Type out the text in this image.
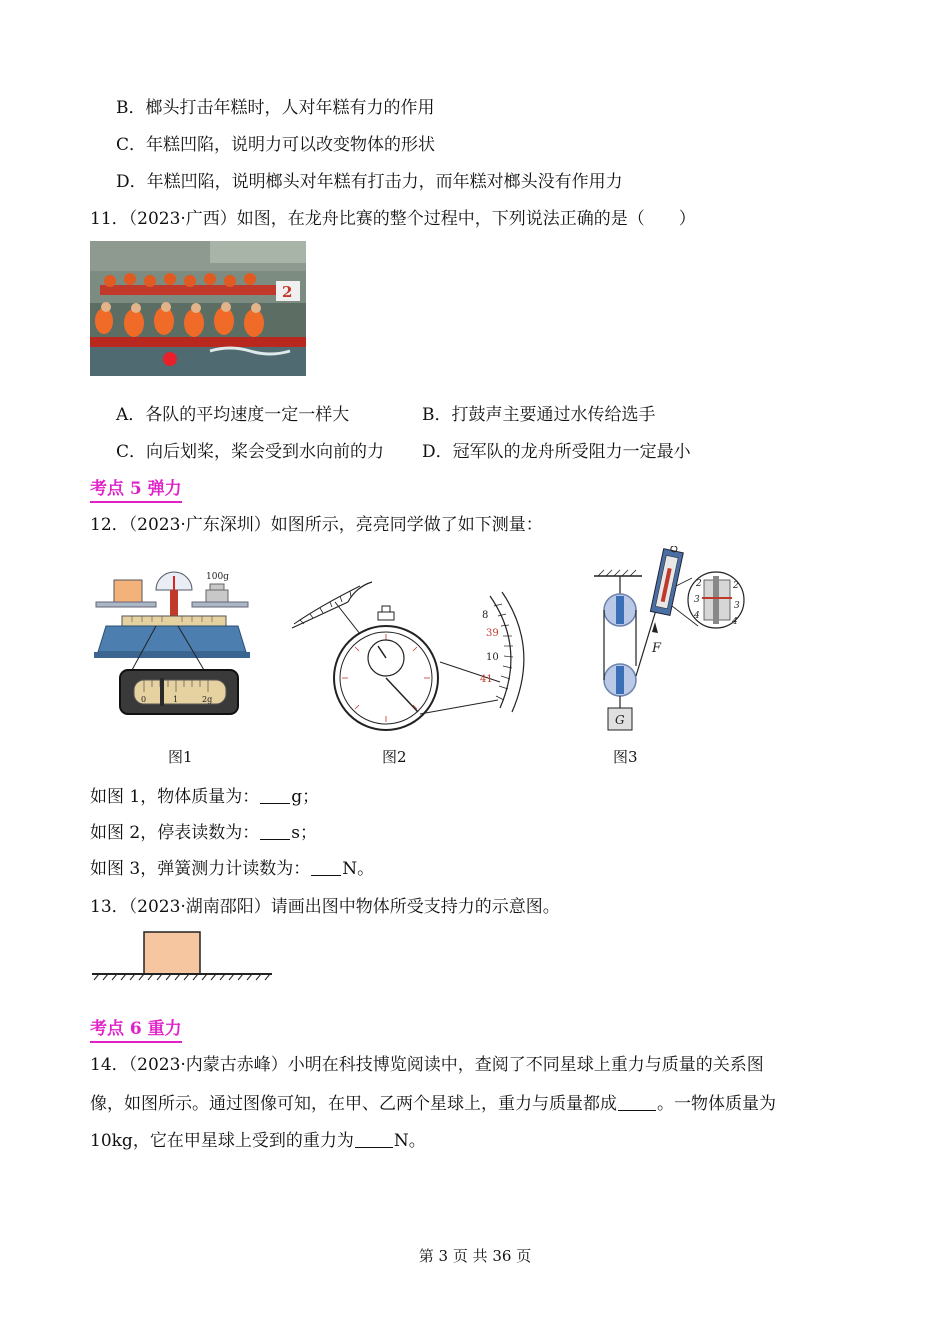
B．榔头打击年糕时，人对年糕有力的作用
C．年糕凹陷，说明力可以改变物体的形状
D．年糕凹陷，说明榔头对年糕有打击力，而年糕对榔头没有作用力
11．（2023·广西）如图，在龙舟比赛的整个过程中，下列说法正确的是（　　）
2
A．各队的平均速度一定一样大	B．打鼓声主要通过水传给选手
C．向后划桨，桨会受到水向前的力 D．冠军队的龙舟所受阻力一定最小
考点 5 弹力
12．（2023·广东深圳）如图所示，亮亮同学做了如下测量：
100g
0	1	2g
图1
8
39
10
41
图2
F
G
2
3
4
2
3
4
图3
如图 1，物体质量为： g；
如图 2，停表读数为： s；
如图 3，弹簧测力计读数为： N。
13．（2023·湖南邵阳）请画出图中物体所受支持力的示意图。
考点 6 重力
14．（2023·内蒙古赤峰）小明在科技博览阅读中，查阅了不同星球上重力与质量的关系图
像，如图所示。通过图像可知，在甲、乙两个星球上，重力与质量都成 。一物体质量为
10kg，它在甲星球上受到的重力为 N。
第 3 页 共 36 页
